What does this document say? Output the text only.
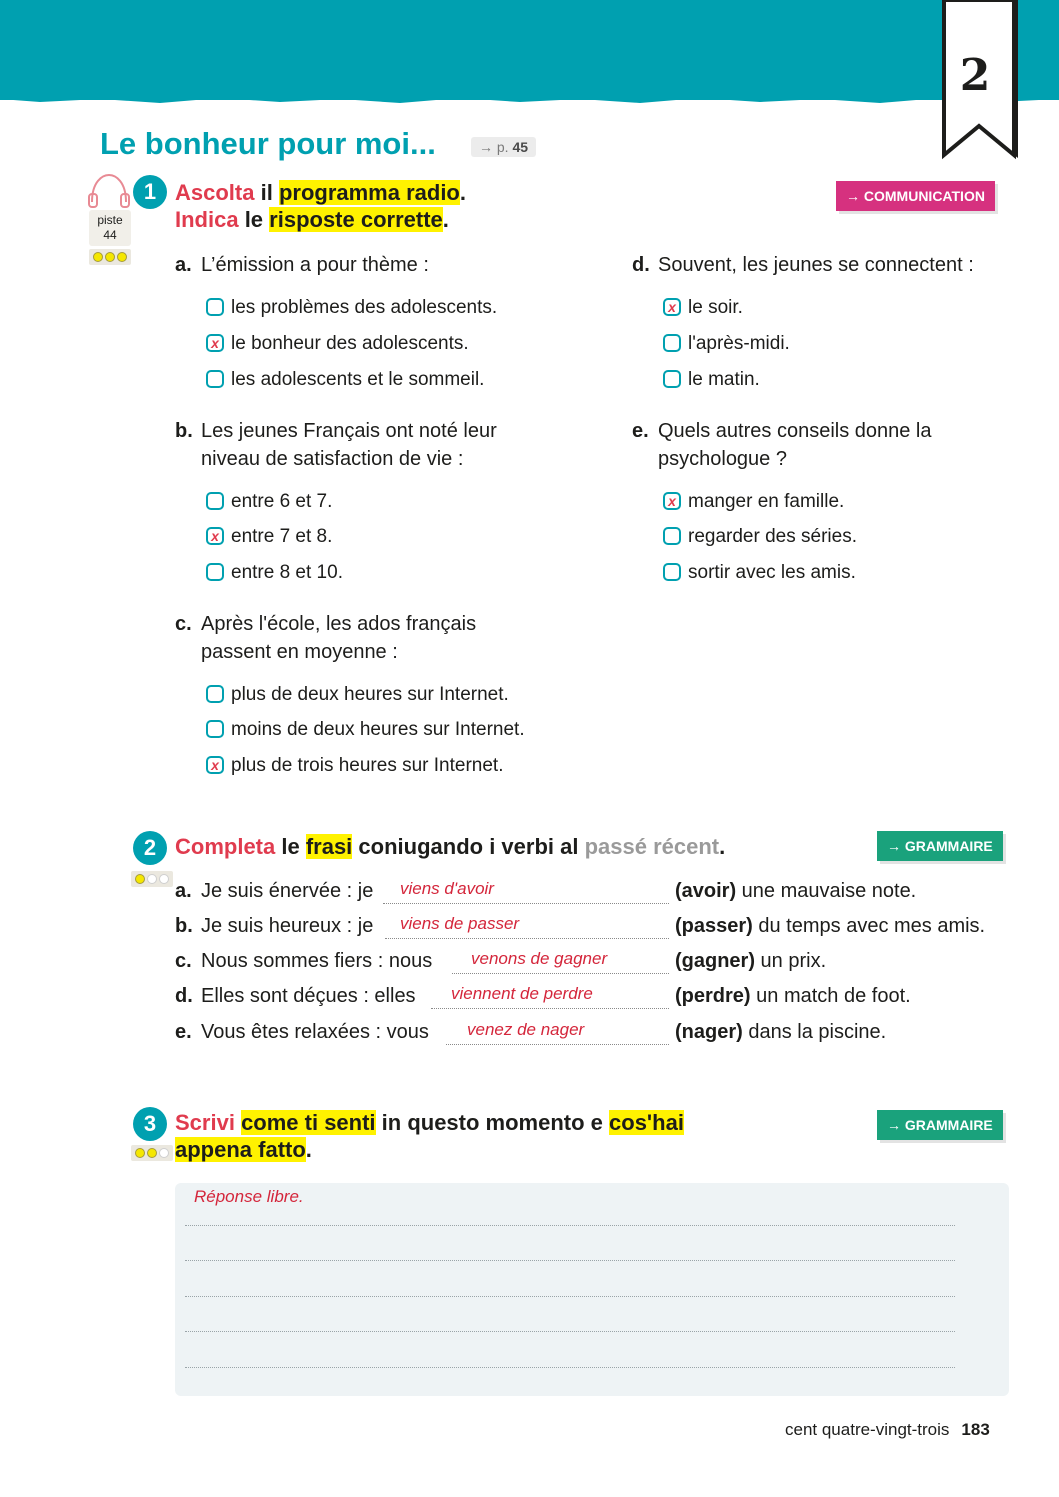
2
Le bonheur pour moi...	→ p. 45
1
piste
44
Ascolta il programma radio.
Indica le risposte corrette.
→ COMMUNICATION
a. L’émission a pour thème :
les problèmes des adolescents.
x le bonheur des adolescents.
les adolescents et le sommeil.
b. Les jeunes Français ont noté leur
niveau de satisfaction de vie :
entre 6 et 7.
x entre 7 et 8.
entre 8 et 10.
c. Après l'école, les ados français
passent en moyenne :
plus de deux heures sur Internet.
moins de deux heures sur Internet.
x plus de trois heures sur Internet.
d. Souvent, les jeunes se connectent :
x le soir.
l'après-midi.
le matin.
e. Quels autres conseils donne la
psychologue ?
x manger en famille.
regarder des séries.
sortir avec les amis.
2 Completa le frasi coniugando i verbi al passé récent.	→ GRAMMAIRE
a. Je suis énervée : je viens d'avoir	(avoir) une mauvaise note.
b. Je suis heureux : je viens de passer	(passer) du temps avec mes amis.
c. Nous sommes fiers : nous venons de gagner	(gagner) un prix.
d. Elles sont déçues : elles viennent de perdre	(perdre) un match de foot.
e. Vous êtes relaxées : vous venez de nager	(nager) dans la piscine.
3 Scrivi come ti senti in questo momento e cos'hai
appena fatto.
→ GRAMMAIRE
Réponse libre.
cent quatre-vingt-trois 183
